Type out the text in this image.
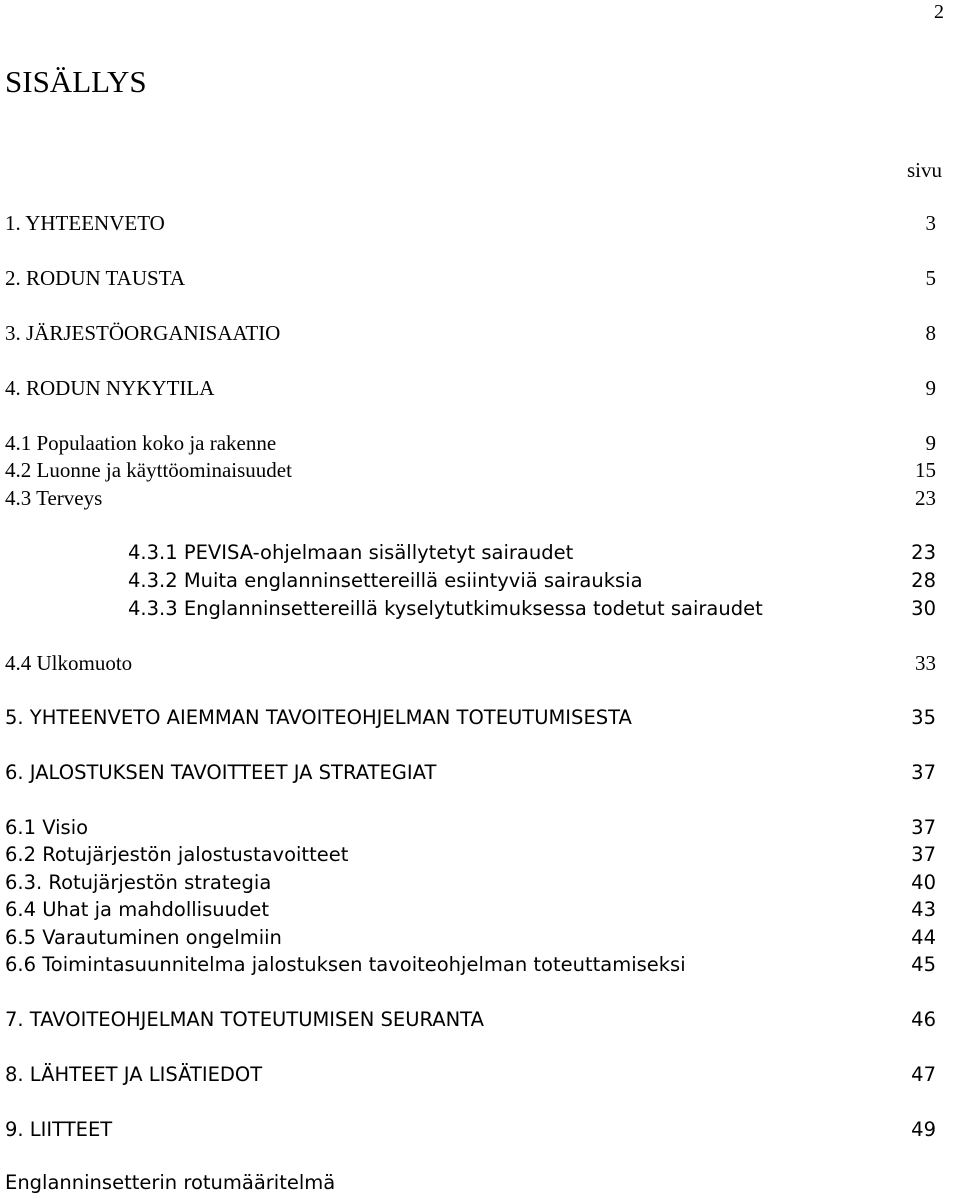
2
SISÄLLYS
sivu
1. YHTEENVETO	3
2. RODUN TAUSTA	5
3. JÄRJESTÖORGANISAATIO	8
4. RODUN NYKYTILA	9
4.1 Populaation koko ja rakenne	9
4.2 Luonne ja käyttöominaisuudet	15
4.3 Terveys	23
4.3.1 PEVISA-ohjelmaan sisällytetyt sairaudet	23
4.3.2 Muita englanninsettereillä esiintyviä sairauksia	28
4.3.3 Englanninsettereillä kyselytutkimuksessa todetut sairaudet	30
4.4 Ulkomuoto	33
5. YHTEENVETO AIEMMAN TAVOITEOHJELMAN TOTEUTUMISESTA	35
6. JALOSTUKSEN TAVOITTEET JA STRATEGIAT	37
6.1 Visio	37
6.2 Rotujärjestön jalostustavoitteet	37
6.3. Rotujärjestön strategia	40
6.4 Uhat ja mahdollisuudet	43
6.5 Varautuminen ongelmiin	44
6.6 Toimintasuunnitelma jalostuksen tavoiteohjelman toteuttamiseksi	45
7. TAVOITEOHJELMAN TOTEUTUMISEN SEURANTA	46
8. LÄHTEET JA LISÄTIEDOT	47
9. LIITTEET	49
Englanninsetterin rotumääritelmä
